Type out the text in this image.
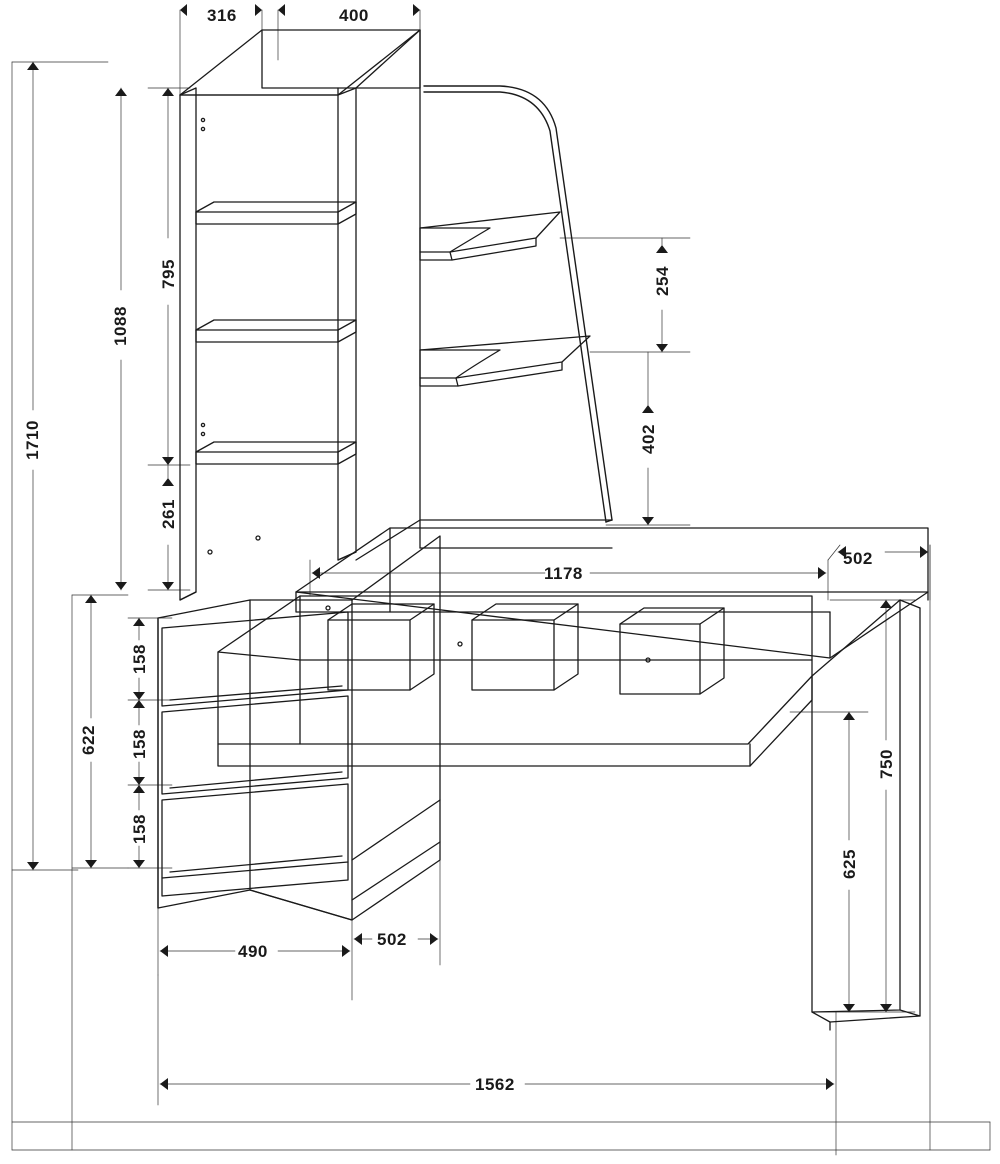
316	400
795
1088
1710
261
254
402
1178
502
158
158
158
622
750
625
490
502
1562
